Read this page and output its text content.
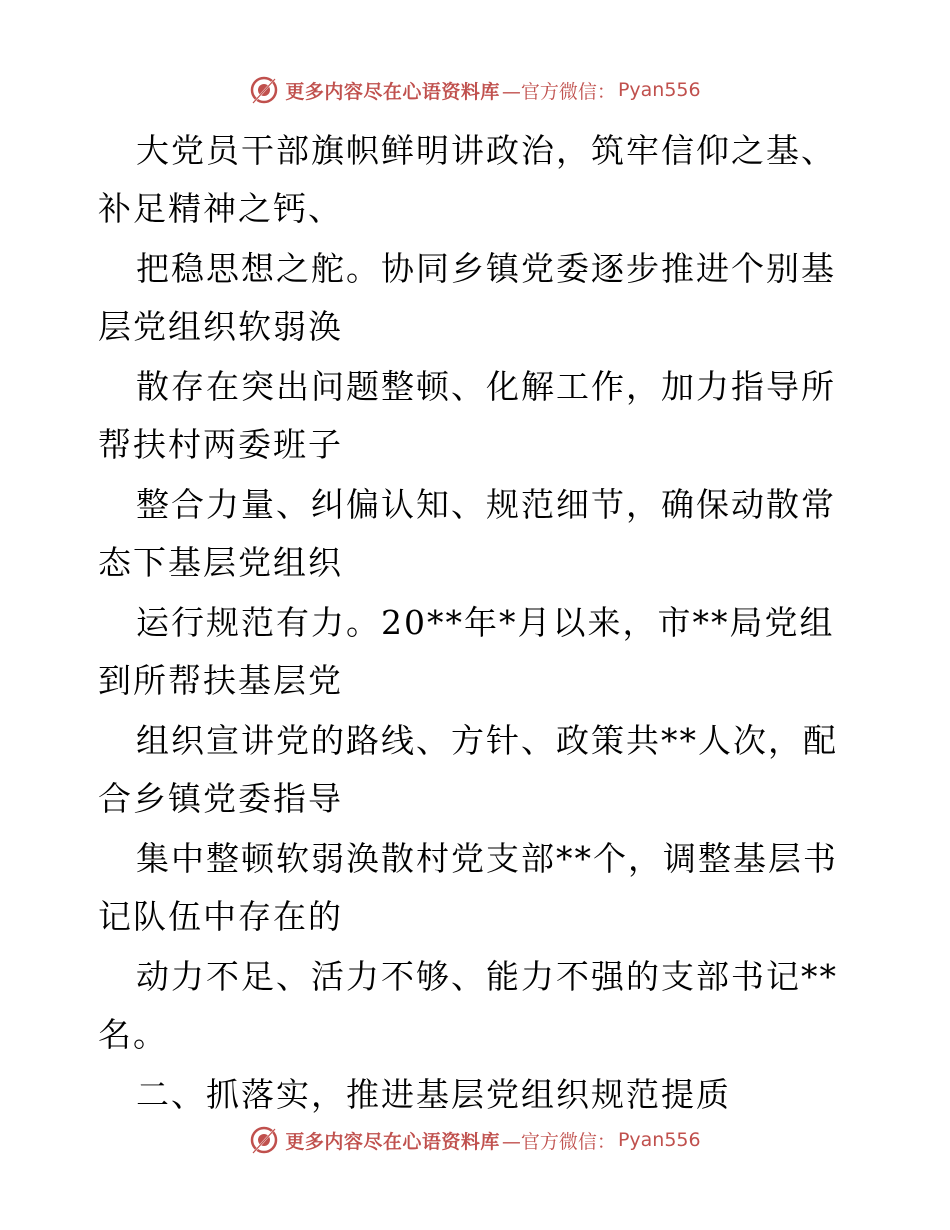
更多内容尽在心语资料库 —官方微信： Pyan556

大党员干部旗帜鲜明讲政治，筑牢信仰之基、补足精神之钙、

把稳思想之舵。协同乡镇党委逐步推进个别基层党组织软弱涣

散存在突出问题整顿、化解工作，加力指导所帮扶村两委班子

整合力量、纠偏认知、规范细节，确保动散常态下基层党组织

运行规范有力。20**年*月以来，市**局党组到所帮扶基层党

组织宣讲党的路线、方针、政策共**人次，配合乡镇党委指导

集中整顿软弱涣散村党支部**个，调整基层书记队伍中存在的

动力不足、活力不够、能力不强的支部书记**名。

二、抓落实，推进基层党组织规范提质

更多内容尽在心语资料库 —官方微信： Pyan556
